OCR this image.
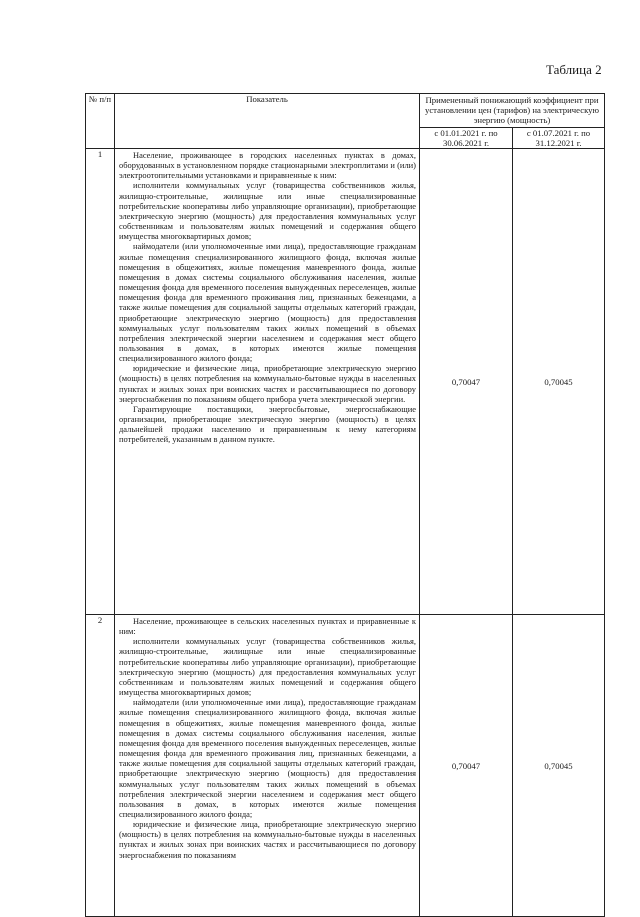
Таблица 2
№ п/п	Показатель	Примененный понижающий коэффициент при установлении цен (тарифов) на электрическую энергию (мощность)	
		с 01.01.2021 г. по 30.06.2021 г.	с 01.07.2021 г. по 31.12.2021 г.
1	Население, проживающее в городских населенных пунктах в домах, оборудованных в установленном порядке стационарными электроплитами и (или) электроотопительными установками и приравненные к ним:

исполнители коммунальных услуг (товарищества собственников жилья, жилищно-строительные, жилищные или иные специализированные потребительские кооперативы либо управляющие организации), приобретающие электрическую энергию (мощность) для предоставления коммунальных услуг собственникам и пользователям жилых помещений и содержания общего имущества многоквартирных домов;

наймодатели (или уполномоченные ими лица), предоставляющие гражданам жилые помещения специализированного жилищного фонда, включая жилые помещения в общежитиях, жилые помещения маневренного фонда, жилые помещения в домах системы социального обслуживания населения, жилые помещения фонда для временного поселения вынужденных переселенцев, жилые помещения фонда для временного проживания лиц, признанных беженцами, а также жилые помещения для социальной защиты отдельных категорий граждан, приобретающие электрическую энергию (мощность) для предоставления коммунальных услуг пользователям таких жилых помещений в объемах потребления электрической энергии населением и содержания мест общего пользования в домах, в которых имеются жилые помещения специализированного жилого фонда;

юридические и физические лица, приобретающие электрическую энергию (мощность) в целях потребления на коммунально-бытовые нужды в населенных пунктах и жилых зонах при воинских частях и рассчитывающиеся по договору энергоснабжения по показаниям общего прибора учета электрической энергии.

Гарантирующие поставщики, энергосбытовые, энергоснабжающие организации, приобретающие электрическую энергию (мощность) в целях дальнейшей продажи населению и приравненным к нему категориям потребителей, указанным в данном пункте.	0,70047	0,70045
2	Население, проживающее в сельских населенных пунктах и приравненные к ним:

исполнители коммунальных услуг (товарищества собственников жилья, жилищно-строительные, жилищные или иные специализированные потребительские кооперативы либо управляющие организации), приобретающие электрическую энергию (мощность) для предоставления коммунальных услуг собственникам и пользователям жилых помещений и содержания общего имущества многоквартирных домов;

наймодатели (или уполномоченные ими лица), предоставляющие гражданам жилые помещения специализированного жилищного фонда, включая жилые помещения в общежитиях, жилые помещения маневренного фонда, жилые помещения в домах системы социального обслуживания населения, жилые помещения фонда для временного поселения вынужденных переселенцев, жилые помещения фонда для временного проживания лиц, признанных беженцами, а также жилые помещения для социальной защиты отдельных категорий граждан, приобретающие электрическую энергию (мощность) для предоставления коммунальных услуг пользователям таких жилых помещений в объемах потребления электрической энергии населением и содержания мест общего пользования в домах, в которых имеются жилые помещения специализированного жилого фонда;

юридические и физические лица, приобретающие электрическую энергию (мощность) в целях потребления на коммунально-бытовые нужды в населенных пунктах и жилых зонах при воинских частях и рассчитывающиеся по договору энергоснабжения по показаниям	0,70047	0,70045
